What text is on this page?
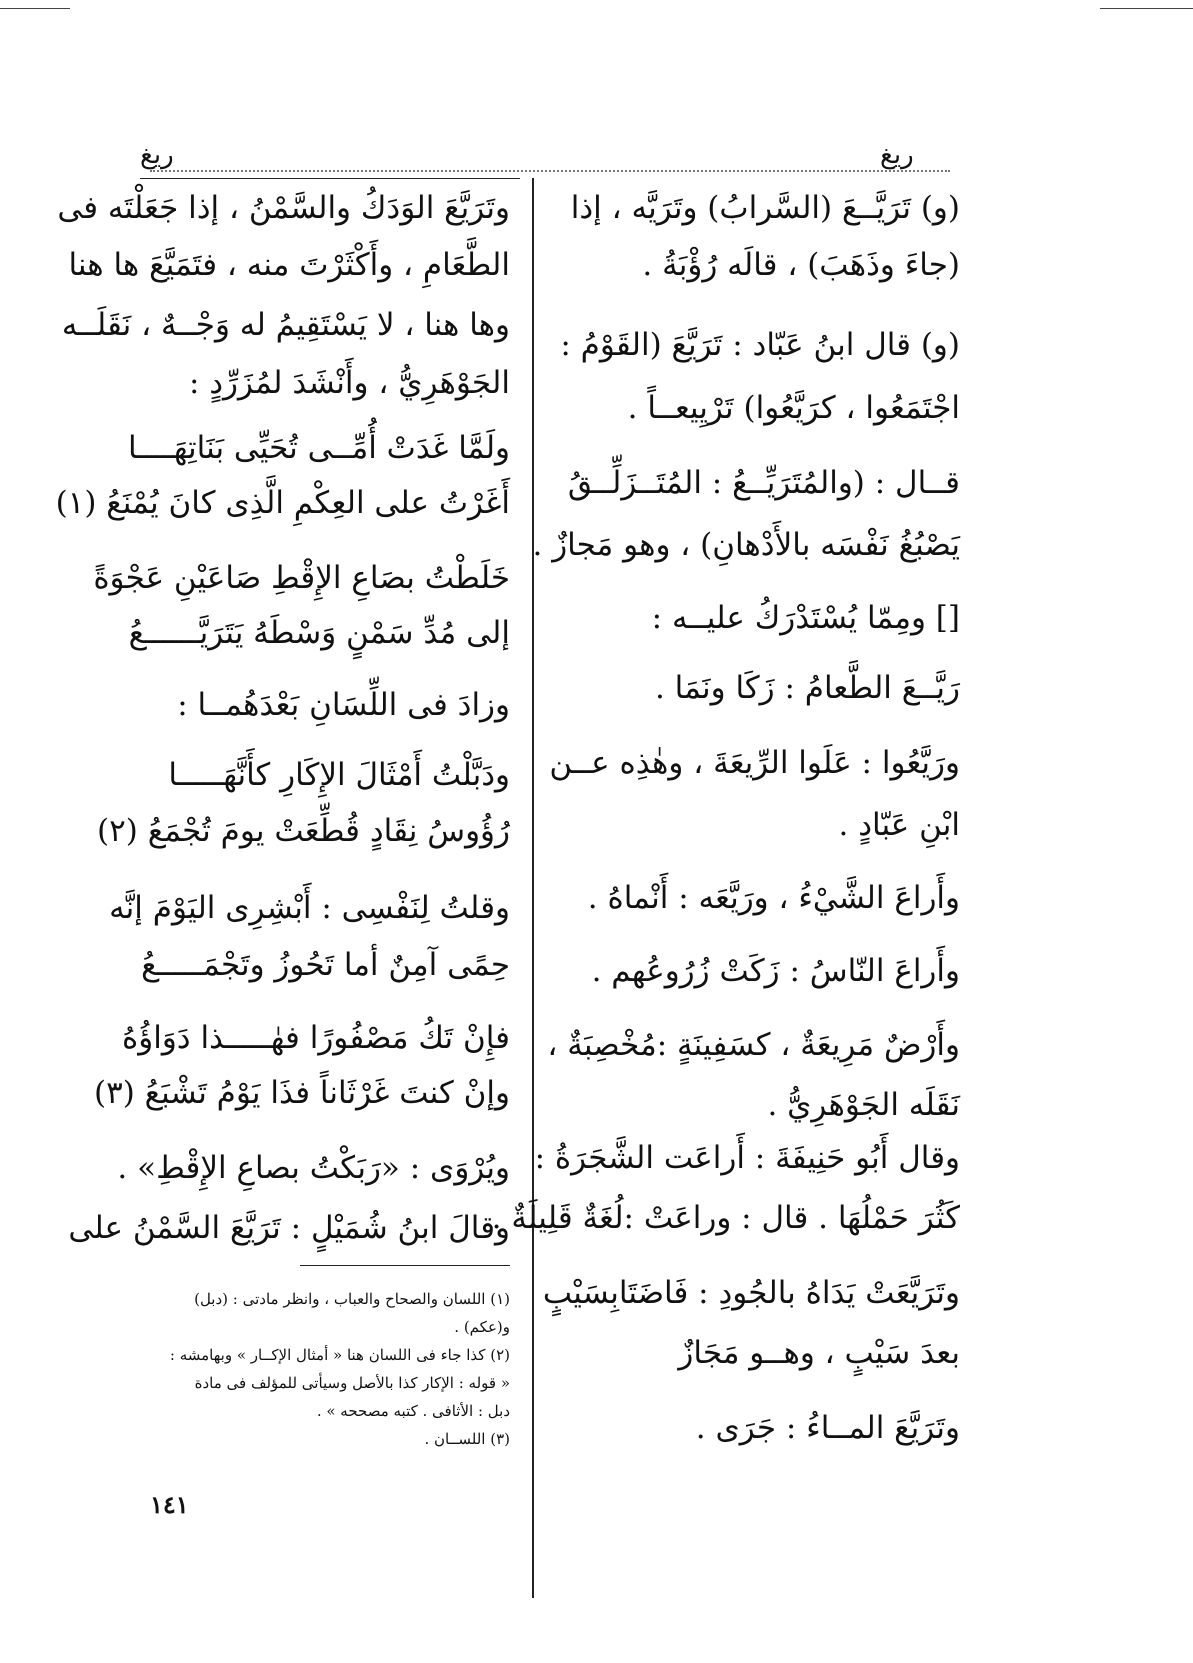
ريغ	ريغ
(و) تَرَيَّــعَ (السَّرابُ) وتَرَيَّه ، إذا
(جاءَ وذَهَبَ) ، قالَه رُؤْبَةُ .
(و) قال ابنُ عَبّاد : تَرَيَّعَ (القَوْمُ :
اجْتَمَعُوا ، كرَيَّعُوا) تَرْيِيعــاً .
قــال : (والمُتَرَيِّــعُ : المُتَــزَلِّــقُ
يَصْبُغُ نَفْسَه بالأَدْهانِ) ، وهو مَجازٌ .
[] ومِمّا يُسْتَدْرَكُ عليــه :
رَيَّــعَ الطَّعامُ : زَكَا ونَمَا .
ورَيَّعُوا : عَلَوا الرِّيعَةَ ، وهٰذِه عــن
ابْنِ عَبّادٍ .
وأَراعَ الشَّيْءُ ، ورَيَّعَه : أَنْماهُ .
وأَراعَ النّاسُ : زَكَتْ زُرُوعُهم .
وأَرْضٌ مَرِيعَةٌ ، كسَفِينَةٍ :مُخْصِبَةٌ ،
نَقَلَه الجَوْهَرِيُّ .
وقال أَبُو حَنِيفَةَ : أَراعَت الشَّجَرَةُ :
كَثُرَ حَمْلُهَا . قال : وراعَتْ :لُغَةٌ قَلِيلَةٌ .
وتَرَيَّعَتْ يَدَاهُ بالجُودِ : فَاضَتَابِسَيْبٍ
بعدَ سَيْبٍ ، وهــو مَجَازٌ
وتَرَيَّعَ المــاءُ : جَرَى .
وتَرَيَّعَ الوَدَكُ والسَّمْنُ ، إذا جَعَلْتَه فى
الطَّعَامِ ، وأَكْثَرْتَ منه ، فتَمَيَّعَ ها هنا
وها هنا ، لا يَسْتَقِيمُ له وَجْــهٌ ، نَقَلَــه
الجَوْهَرِيُّ ، وأَنْشَدَ لمُزَرِّدٍ :
ولَمَّا غَدَتْ أُمِّــى تُحَيِّى بَنَاتِهَــــا
أَغَرْتُ على العِكْمِ الَّذِى كانَ يُمْنَعُ (١)
خَلَطْتُ بصَاعِ الإِقْطِ صَاعَيْنِ عَجْوَةً
إلى مُدِّ سَمْنٍ وَسْطَهُ يَتَرَيَّــــــعُ
وزادَ فى اللِّسَانِ بَعْدَهُمــا :
ودَبَّلْتُ أَمْثَالَ الإِكَارِ كأَنَّهَـــــا
رُؤُوسُ نِقَادٍ قُطِّعَتْ يومَ تُجْمَعُ (٢)
وقلتُ لِنَفْسِى : أَبْشِرِى اليَوْمَ إنَّه
حِمًى آمِنٌ أما تَحُوزُ وتَجْمَـــــعُ
فإِنْ تَكُ مَصْفُورًا فهٰـــــذا دَوَاؤُهُ
وإنْ كنتَ غَرْثَاناً فذَا يَوْمُ تَشْبَعُ (٣)
ويُرْوَى : «رَبَكْتُ بصاعِ الإِقْطِ» .
وقالَ ابنُ شُمَيْلٍ : تَرَيَّعَ السَّمْنُ على
(١) اللسان والصحاح والعباب ، وانظر مادتى : (دبل)
و(عكم) .
(٢) كذا جاء فى اللسان هنا « أمثال الإكــار » وبهامشه :
« قوله : الإكار كذا بالأصل وسيأتى للمؤلف فى مادة
دبل : الأثافى . كتبه مصححه » .
(٣) اللســان .
١٤١
